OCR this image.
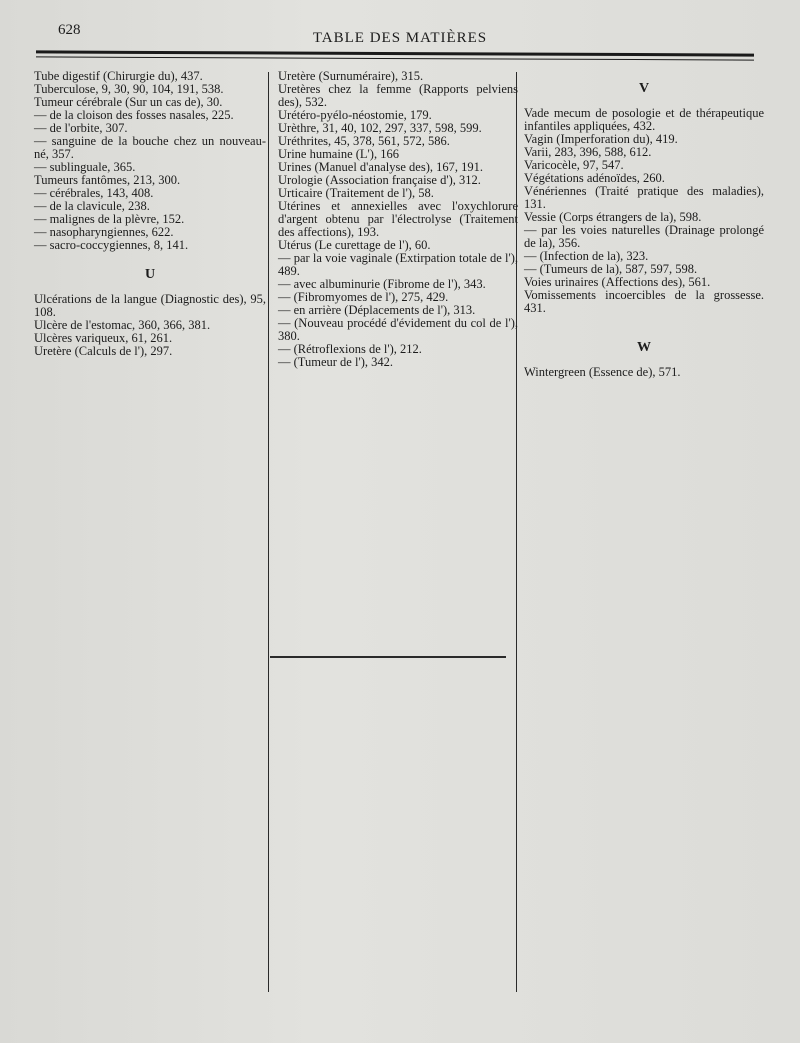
628	TABLE DES MATIÈRES
Tube digestif (Chirurgie du), 437.
Tuberculose, 9, 30, 90, 104, 191, 538.
Tumeur cérébrale (Sur un cas de), 30.
— de la cloison des fosses nasales, 225.
— de l'orbite, 307.
— sanguine de la bouche chez un nouveau-né, 357.
— sublinguale, 365.
Tumeurs fantômes, 213, 300.
— cérébrales, 143, 408.
— de la clavicule, 238.
— malignes de la plèvre, 152.
— nasopharyngiennes, 622.
— sacro-coccygiennes, 8, 141.
U
Ulcérations de la langue (Diagnostic des), 95, 108.
Ulcère de l'estomac, 360, 366, 381.
Ulcères variqueux, 61, 261.
Uretère (Calculs de l'), 297.
Uretère (Surnuméraire), 315.
Uretères chez la femme (Rapports pelviens des), 532.
Urétéro-pyélo-néostomie, 179.
Urèthre, 31, 40, 102, 297, 337, 598, 599.
Uréthrites, 45, 378, 561, 572, 586.
Urine humaine (L'), 166
Urines (Manuel d'analyse des), 167, 191.
Urologie (Association française d'), 312.
Urticaire (Traitement de l'), 58.
Utérines et annexielles avec l'oxychlorure d'argent obtenu par l'électrolyse (Traitement des affections), 193.
Utérus (Le curettage de l'), 60.
— par la voie vaginale (Extirpation totale de l'), 489.
— avec albuminurie (Fibrome de l'), 343.
— (Fibromyomes de l'), 275, 429.
— en arrière (Déplacements de l'), 313.
— (Nouveau procédé d'évidement du col de l'), 380.
— (Rétroflexions de l'), 212.
— (Tumeur de l'), 342.
V
Vade mecum de posologie et de thérapeutique infantiles appliquées, 432.
Vagin (Imperforation du), 419.
Varii, 283, 396, 588, 612.
Varicocèle, 97, 547.
Végétations adénoïdes, 260.
Vénériennes (Traité pratique des maladies), 131.
Vessie (Corps étrangers de la), 598.
— par les voies naturelles (Drainage prolongé de la), 356.
— (Infection de la), 323.
— (Tumeurs de la), 587, 597, 598.
Voies urinaires (Affections des), 561.
Vomissements incoercibles de la grossesse. 431.
W
Wintergreen (Essence de), 571.
